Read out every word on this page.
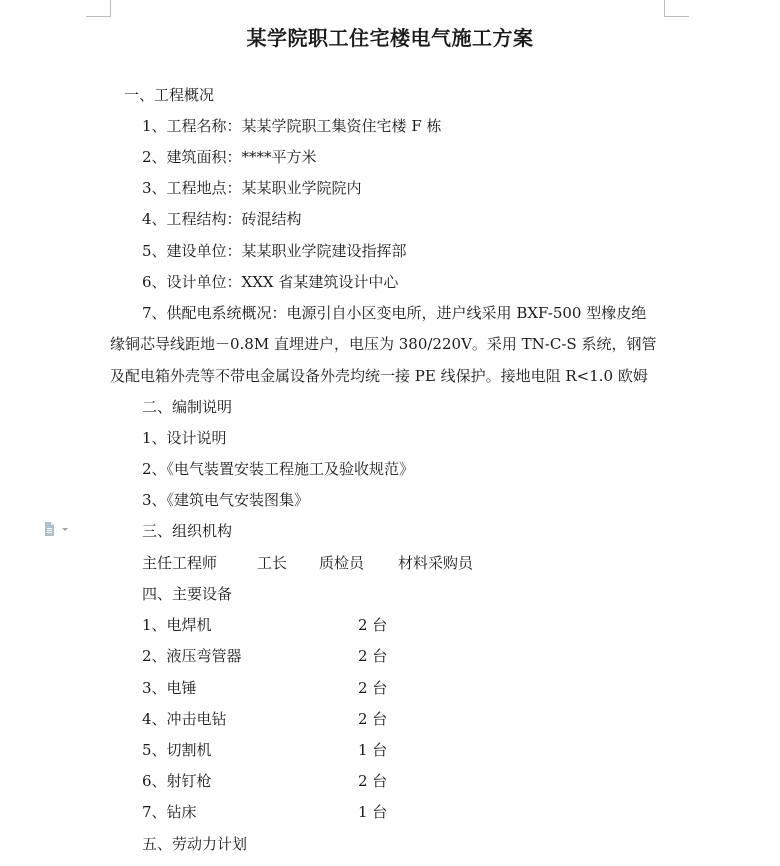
某学院职工住宅楼电气施工方案
一、工程概况
1、工程名称：某某学院职工集资住宅楼 F 栋
2、建筑面积：****平方米
3、工程地点：某某职业学院院内
4、工程结构：砖混结构
5、建设单位：某某职业学院建设指挥部
6、设计单位：XXX 省某建筑设计中心
7、供配电系统概况：电源引自小区变电所，进户线采用 BXF-500 型橡皮绝
缘铜芯导线距地－0.8M 直埋进户，电压为 380/220V。采用 TN-C-S 系统，钢管
及配电箱外壳等不带电金属设备外壳均统一接 PE 线保护。接地电阻 R<1.0 欧姆
二、编制说明
1、设计说明
2、《电气装置安装工程施工及验收规范》
3、《建筑电气安装图集》
三、组织机构
主任工程师	工长 质检员 材料采购员
四、主要设备
1、电焊机	2 台
2、液压弯管器	2 台
3、电锤	2 台
4、冲击电钻	2 台
5、切割机	1 台
6、射钉枪	2 台
7、钻床	1 台
五、劳动力计划
